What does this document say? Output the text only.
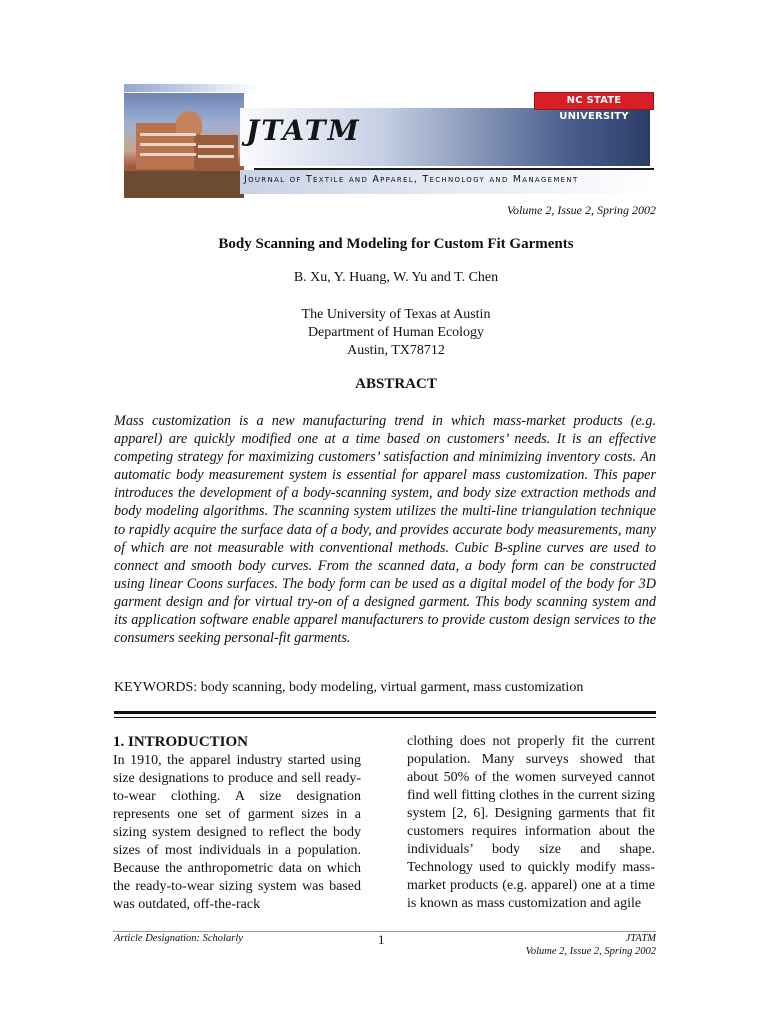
NC STATE UNIVERSITY
JTATM
Journal of Textile and Apparel, Technology and Management
Volume 2, Issue 2, Spring 2002
Body Scanning and Modeling for Custom Fit Garments
B. Xu, Y. Huang, W. Yu and T. Chen
The University of Texas at Austin
Department of Human Ecology
Austin, TX78712
ABSTRACT
Mass customization is a new manufacturing trend in which mass-market products (e.g. apparel) are quickly modified one at a time based on customers’ needs. It is an effective competing strategy for maximizing customers’ satisfaction and minimizing inventory costs. An automatic body measurement system is essential for apparel mass customization. This paper introduces the development of a body-scanning system, and body size extraction methods and body modeling algorithms. The scanning system utilizes the multi-line triangulation technique to rapidly acquire the surface data of a body, and provides accurate body measurements, many of which are not measurable with conventional methods. Cubic B-spline curves are used to connect and smooth body curves. From the scanned data, a body form can be constructed using linear Coons surfaces. The body form can be used as a digital model of the body for 3D garment design and for virtual try-on of a designed garment. This body scanning system and its application software enable apparel manufacturers to provide custom design services to the consumers seeking personal-fit garments.
KEYWORDS: body scanning, body modeling, virtual garment, mass customization
1. INTRODUCTION

In 1910, the apparel industry started using size designations to produce and sell ready-to-wear clothing. A size designation represents one set of garment sizes in a sizing system designed to reflect the body sizes of most individuals in a population. Because the anthropometric data on which the ready-to-wear sizing system was based was outdated, off-the-rack

clothing does not properly fit the current population. Many surveys showed that about 50% of the women surveyed cannot find well fitting clothes in the current sizing system [2, 6]. Designing garments that fit customers requires information about the individuals’ body size and shape. Technology used to quickly modify mass-market products (e.g. apparel) one at a time is known as mass customization and agile

Article Designation: Scholarly	1	JTATM
Volume 2, Issue 2, Spring 2002
